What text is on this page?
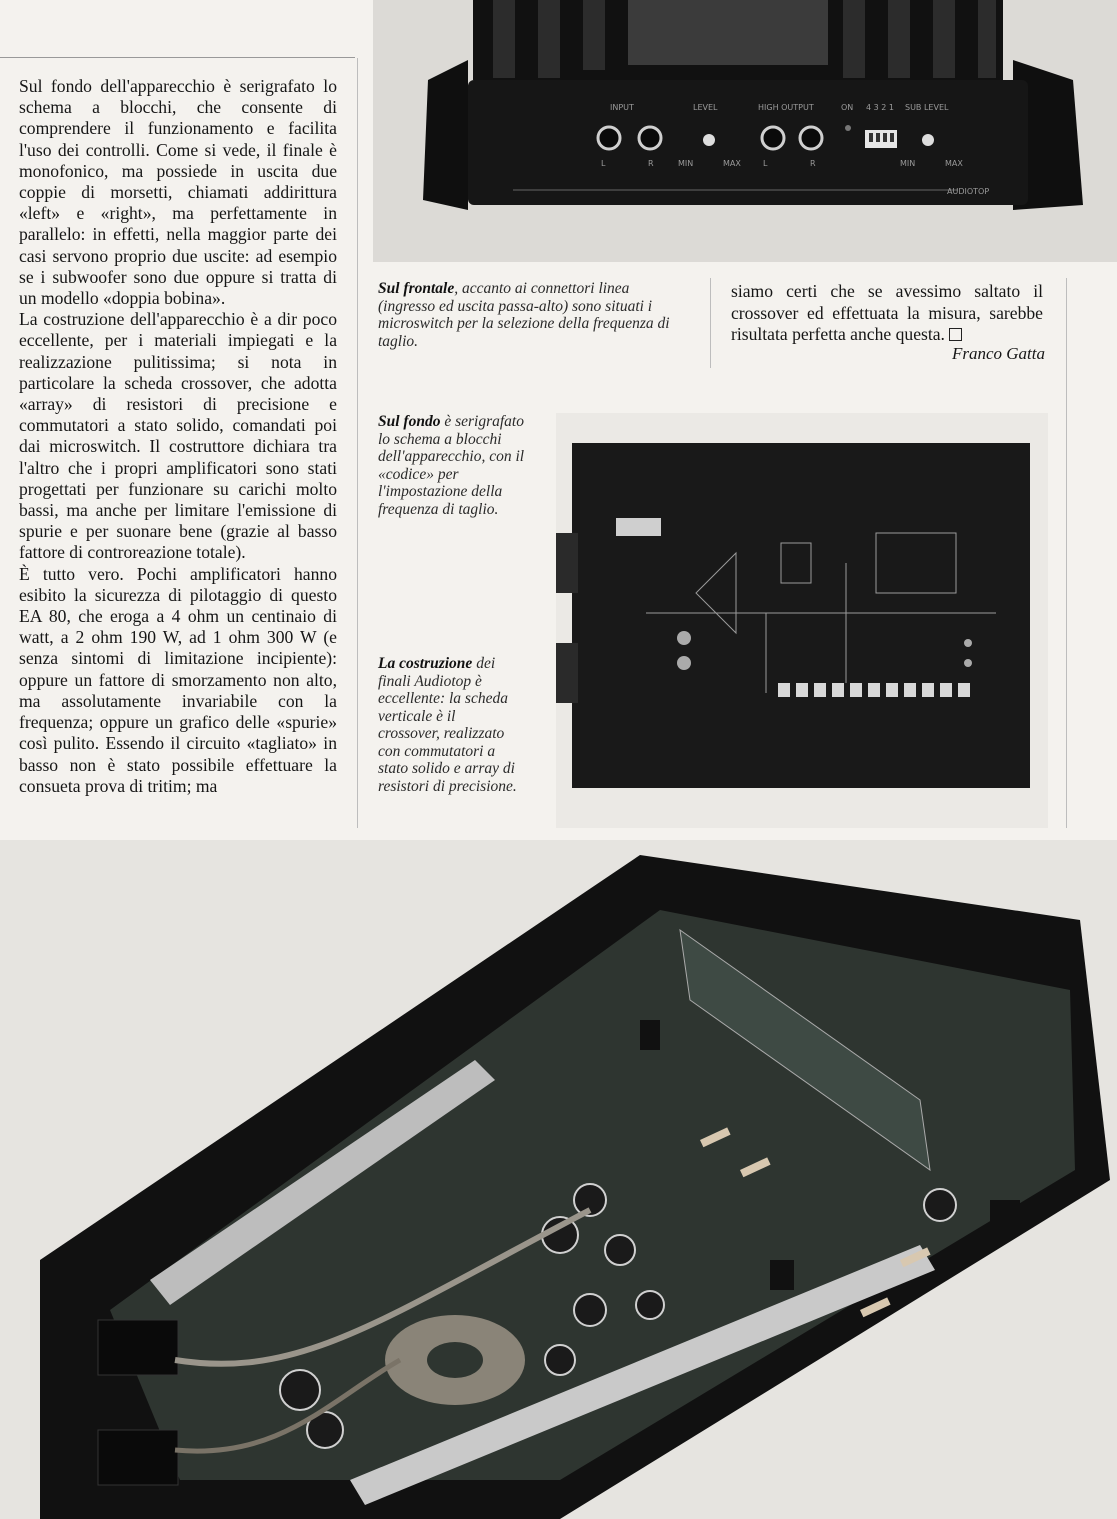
INPUT	LEVEL	HIGH OUTPUT	ON 4 3 2 1 SUB LEVEL
L	R	MIN	MAX	L	R	MIN	MAX
AUDIOTOP

Sul fondo dell'apparecchio è serigrafato lo schema a blocchi, che consente di comprendere il funzionamento e facilita l'uso dei controlli. Come si vede, il finale è monofonico, ma possiede in uscita due coppie di morsetti, chiamati addirittura «left» e «right», ma perfettamente in parallelo: in effetti, nella maggior parte dei casi servono proprio due uscite: ad esempio se i subwoofer sono due oppure si tratta di un modello «doppia bobina».

La costruzione dell'apparecchio è a dir poco eccellente, per i materiali impiegati e la realizzazione pulitissima; si nota in particolare la scheda crossover, che adotta «array» di resistori di precisione e commutatori a stato solido, comandati poi dai microswitch. Il costruttore dichiara tra l'altro che i propri amplificatori sono stati progettati per funzionare su carichi molto bassi, ma anche per limitare l'emissione di spurie e per suonare bene (grazie al basso fattore di controreazione totale).

È tutto vero. Pochi amplificatori hanno esibito la sicurezza di pilotaggio di questo EA 80, che eroga a 4 ohm un centinaio di watt, a 2 ohm 190 W, ad 1 ohm 300 W (e senza sintomi di limitazione incipiente): oppure un fattore di smorzamento non alto, ma assolutamente invariabile con la frequenza; oppure un grafico delle «spurie» così pulito. Essendo il circuito «tagliato» in basso non è stato possibile effettuare la consueta prova di tritim; ma

Sul frontale, accanto ai connettori linea (ingresso ed uscita passa-alto) sono situati i microswitch per la selezione della frequenza di taglio.

siamo certi che se avessimo saltato il crossover ed effettuata la misura, sarebbe risultata perfetta anche questa.

Franco Gatta
Sul fondo è serigrafato lo schema a blocchi dell'apparecchio, con il «codice» per l'impostazione della frequenza di taglio.
La costruzione dei finali Audiotop è eccellente: la scheda verticale è il crossover, realizzato con commutatori a stato solido e array di resistori di precisione.
